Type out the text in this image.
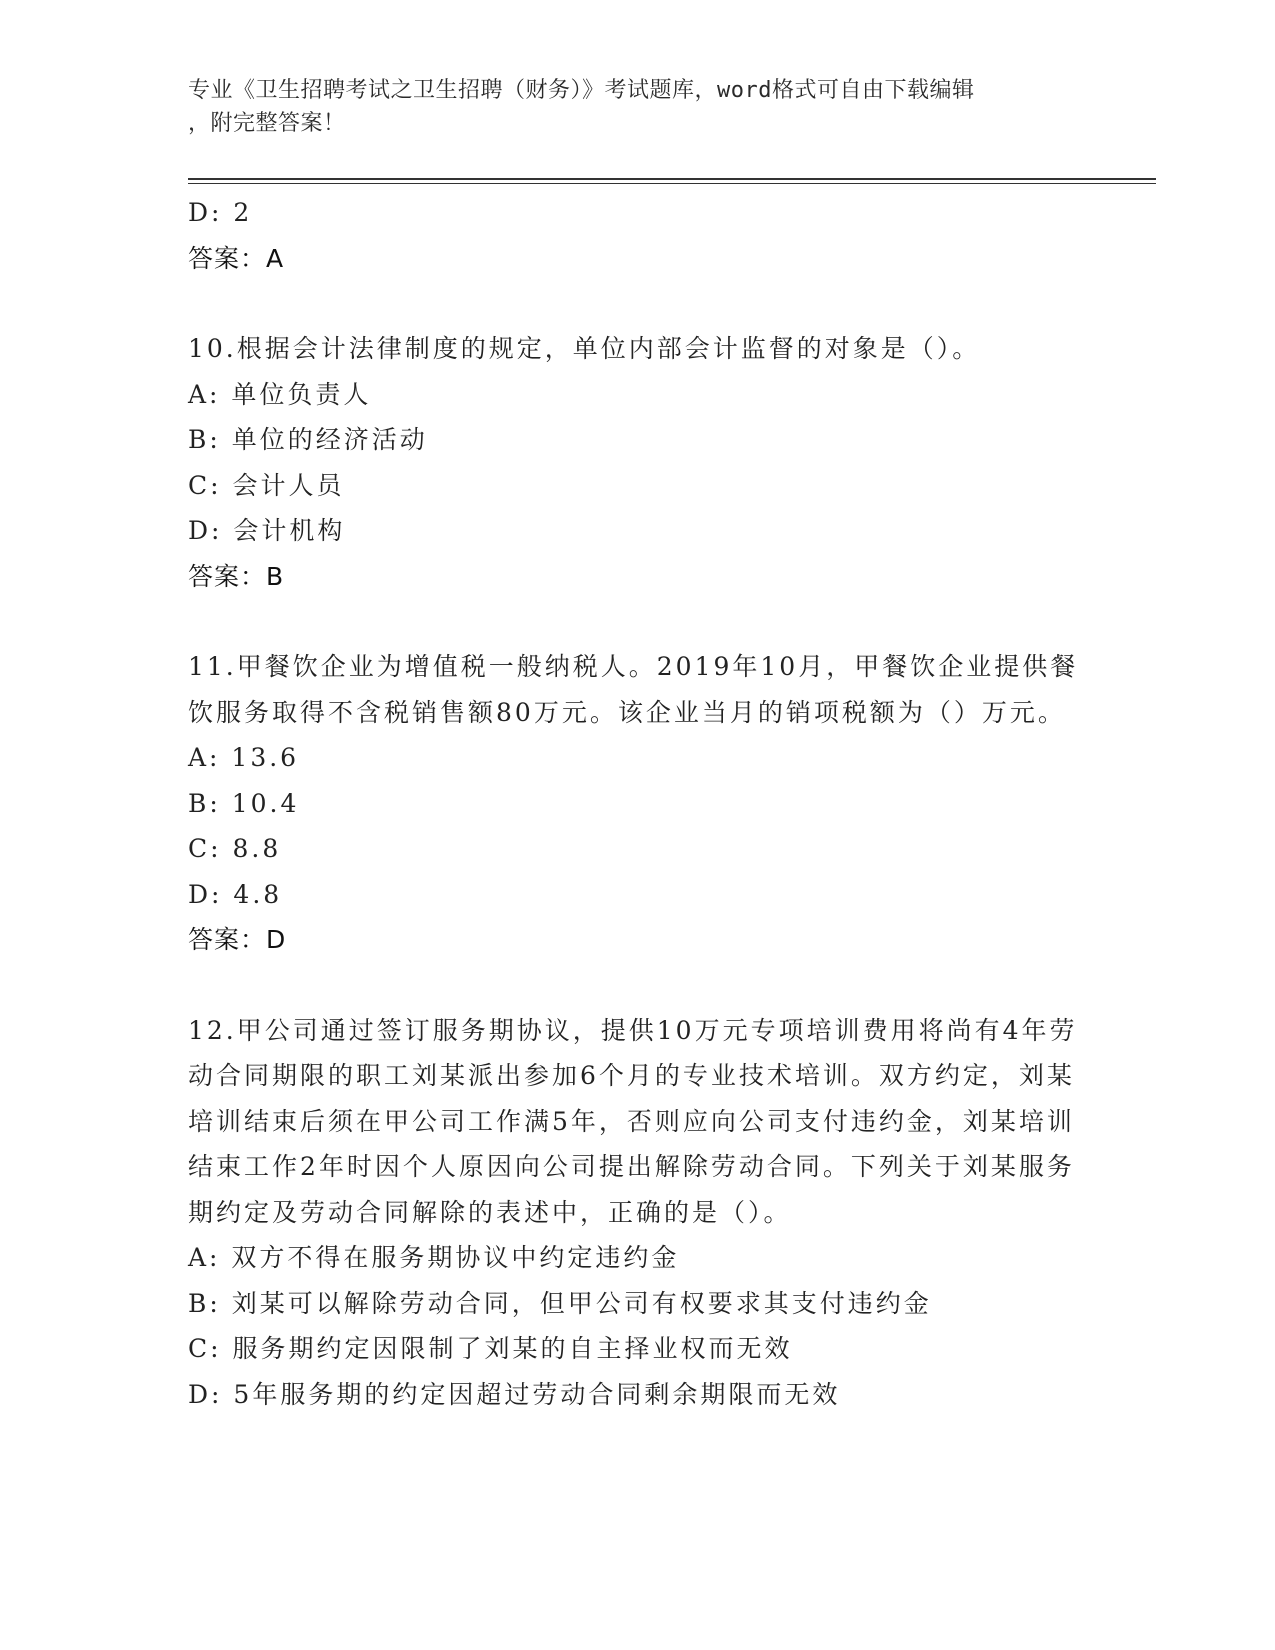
专业《卫生招聘考试之卫生招聘（财务）》考试题库，word格式可自由下载编辑
，附完整答案！
D: 2
答案：A
10.根据会计法律制度的规定，单位内部会计监督的对象是（）。
A: 单位负责人
B: 单位的经济活动
C: 会计人员
D: 会计机构
答案：B
11.甲餐饮企业为增值税一般纳税人。2019年10月，甲餐饮企业提供餐饮服务取得不含税销售额80万元。该企业当月的销项税额为（）万元。
A: 13.6
B: 10.4
C: 8.8
D: 4.8
答案：D
12.甲公司通过签订服务期协议，提供10万元专项培训费用将尚有4年劳动合同期限的职工刘某派出参加6个月的专业技术培训。双方约定，刘某培训结束后须在甲公司工作满5年，否则应向公司支付违约金，刘某培训结束工作2年时因个人原因向公司提出解除劳动合同。下列关于刘某服务期约定及劳动合同解除的表述中，正确的是（）。
A: 双方不得在服务期协议中约定违约金
B: 刘某可以解除劳动合同，但甲公司有权要求其支付违约金
C: 服务期约定因限制了刘某的自主择业权而无效
D: 5年服务期的约定因超过劳动合同剩余期限而无效
